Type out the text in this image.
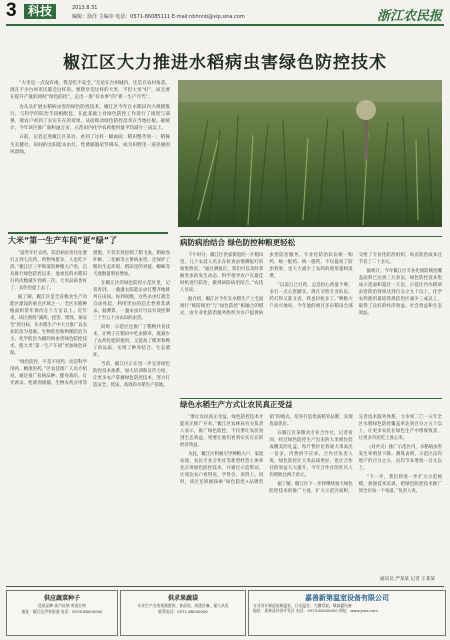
3 科技	2013.8.31
编辑：徐洋 主编审 电话：0571-86085111 E-mail:nbhnnb@vip.sina.com	浙江农民报
椒江区大力推进水稻病虫害绿色防控技术

“大米是一点没有毒，我是吃不安全。”无论在台州城内，还是在农村角落，现在不少台州市民都会这样说。要想享受这样的大米，不但大米“好”，而且要在提升产量的同时“绿色防控”，走出一条“有本事”的“新一生产年代”。

为从头扩展水稻病虫害的绿色防控技术，椒江区今年在水稻田内大规模推行，与科学的防治手段相配套，在此基础上对绿色防控工作进行了推进与部署，使农户看到了实实在在的效果，从而推动绿色防控技术在当地扎根。据统计，今年该区推广面积逾万亩，示范田内化学农药使用量平均减少三成以上。

日前，记者走进椒江区采访，看到了这样一幅画面：稻田整齐划一，稻株生长健壮，田间的太阳能杀虫灯、性诱捕器星罗棋布，成为田野里一道亮丽的风景线。

大米“第一生产车间”更“绿”了

“前些年打农药，防治病虫害往往要打五到七次药，药物残留多，人也吃不消。”椒江区三甲街道的种粮大户说，自从推行绿色防控以来，他承包的水稻田打药次数减少到两三次，大米品质也好了，卖价也提上去了。

据了解，椒江区是全省粮食生产功能区建设的重点区域之一，全区水稻种植面积常年保持在十万亩以上。近年来，该区围绕“减药、控害、增效、保安全”的目标，在水稻生产中大力推广以农业防治为基础、生物防治和物理防治为主、化学防治为辅的病虫害绿色防控技术，使大米“第一生产车间”更加绿色环保。

“绿色防控，不是不用药，而是科学用药、精准用药。”区农技推广人员介绍说，通过推广抗病品种、健身栽培、灯光诱杀、性诱剂诱捕、生物农药应用等措施，不仅有效控制了稻飞虱、稻纵卷叶螟、二化螟等主要病虫害，还保护了稻田生态环境，稻田里的青蛙、蜘蛛等天敌数量明显增加。

在椒江区的绿色防控示范区里，记者看到，一盏盏太阳能杀虫灯整齐地排列在田间。每到夜晚，这些杀虫灯就会自动亮起，利用害虫的趋光性将其诱杀。据测算，一盏杀虫灯可以有效控制三十至五十亩农田的虫害。

同时，示范区还推广了稻鸭共育技术，让鸭子在稻田中吃虫除草，既减少了农药化肥的使用，又提高了稻米和鸭子的品质，实现了种养结合、生态循环。

当前，椒江区正在进一步完善绿色防控技术体系，加大培训和宣传力度，让更多农户掌握绿色防控技术，努力打造安全、优质、高效的水稻生产基地。

病防病治结合 绿色防控种粮更轻松

下午时分，椒江区洪家街道的一片稻田里，几个农技人员正在检查虫情测报灯的收集情况。“通过测报灯，我们可以及时掌握害虫的发生动态，科学指导农户在最佳时机进行防治，做到病防病治结合。”农技人员说。

据介绍，椒江区今年在水稻生产上全面推行“统防统治”与“绿色防控”相融合的模式，由专业化防治服务组织为农户提供病虫害防治服务。专业化防治队伍统一购药、统一配药、统一施药，不仅提高了防治效果，也大大减少了农药的使用量和浪费。

“以前自己打药，总是担心药量不够，多打一点心里踏实。现在交给专业队伍，药打得又准又省，我也轻松多了。”种粮大户高兴地说，今年他的两百多亩稻田全部交给了专业化防治组织，每亩防治成本还节省了二十多元。

据统计，今年椒江区专业化统防统治覆盖面积已达到三万余亩，绿色防控技术集成示范面积超过一万亩，示范区内水稻病虫害防治效果达到百分之九十以上，化学农药使用量较常规防治区减少三成以上，取得了良好的经济效益、社会效益和生态效益。

绿色水稻生产方式让农民真正受益

“要让农民真正受益，绿色防控技术才能真正推广开来。”椒江区农林局有关负责人表示，推广绿色防控，不仅要让农民看到生态效益，更要让他们看到实实在在的经济效益。

为此，椒江区积极引导种粮大户、家庭农场、农民专业合作社等新型经营主体率先应用绿色防控技术，并通过示范带动，让周边农户看得见、学得会、用得上。同时，该区还积极探索“绿色防控+品牌营销”的模式，培育打造优质稻米品牌，实现优质优价。

在椒江区某粮食专业合作社，记者看到，经过绿色防控生产出来的大米被包装成精美的礼盒，每斤售价比普通大米高出一倍多，仍然供不应求。合作社负责人说，绿色防控让大米品质更好，也让合作社的效益大大提升，今年合作社的社员人均增收达两千余元。

据了解，椒江区下一步将继续加大绿色防控技术的推广力度，扩大示范区面积，完善技术服务体系，力争到二〇一五年全区水稻绿色防控覆盖率达到百分之五十以上，让更多农民在绿色生产中增收致富，让更多市民吃上放心米。

（对共交）推广示范区内，水稻病虫害发生率明显下降。测算表明，示范区亩均增产约百分之五，亩均节本增效一百元以上。

“下一步，我们将进一步扩大示范规模，加强技术培训，把绿色防控技术推广到全区每一个角落。”负责人说。

通讯员 严某某 记者 王某某
供应蔬菜种子
优质品种 高产抗病 欢迎订购
地址：椒江区洪家街道 电话：0576-88000000
供求果蔬袋
专业生产各类果蔬套袋、育苗袋，质优价廉，量大从优
联系电话：0571-86000000
嘉善新第温室设备有限公司
专业设计制造连栋温室、日光温室、大棚骨架、喷滴灌设备
地址：嘉善县经济开发区 电话：0573-84000000 网址：www.jsws.com
